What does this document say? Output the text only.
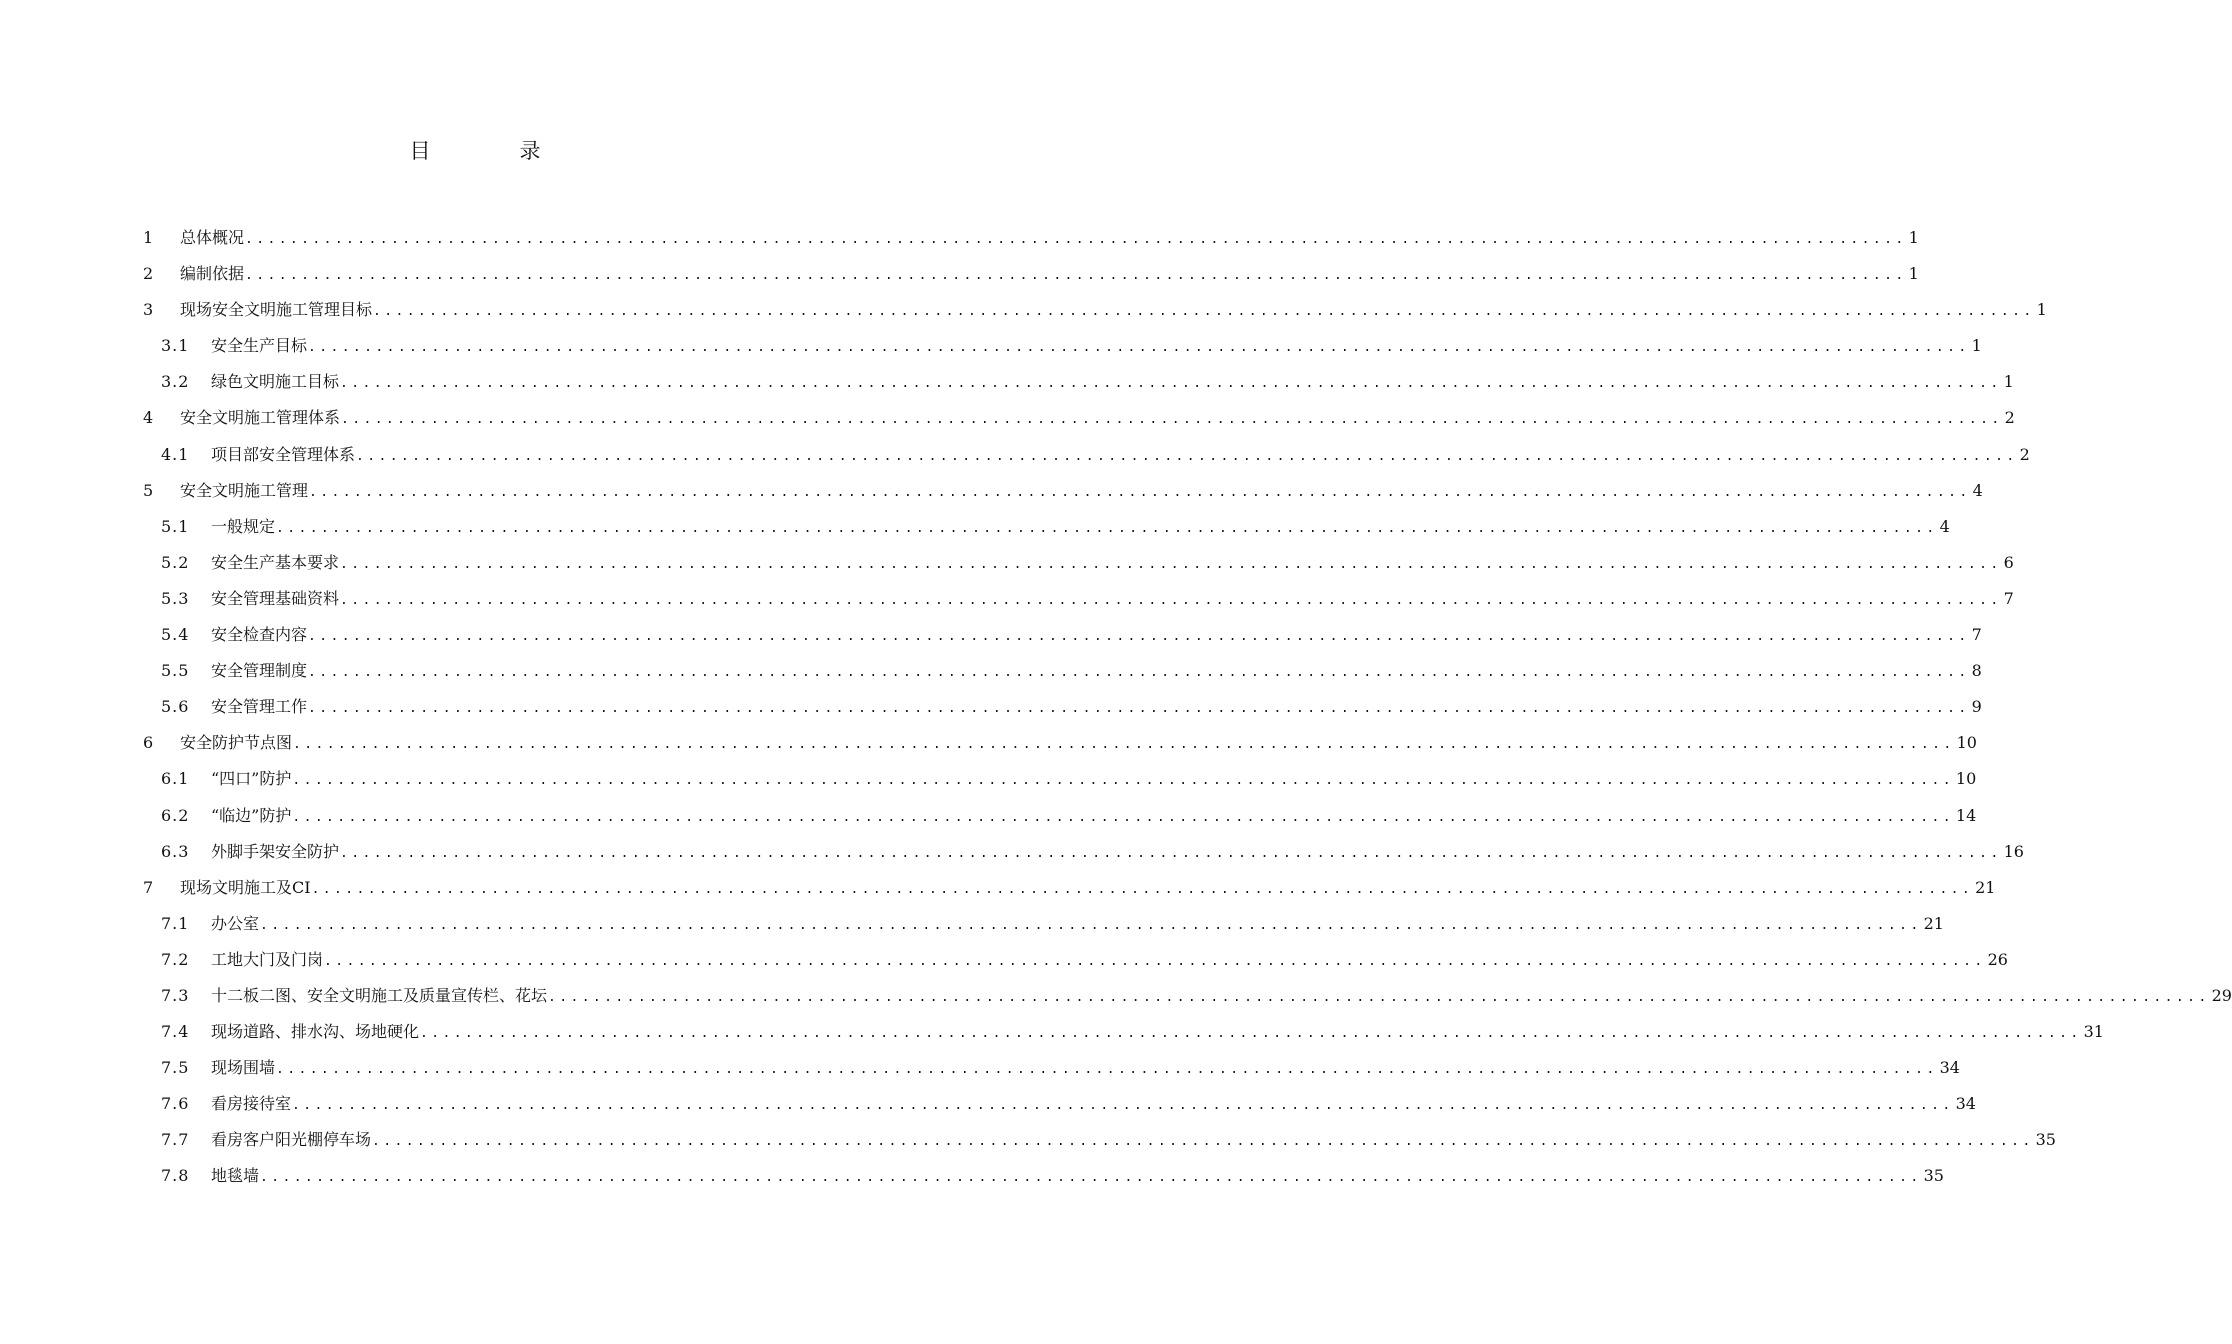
目　录
1	总体概况 .................................................................................................................................................... 1
2	编制依据 .................................................................................................................................................... 1
3	现场安全文明施工管理目标 .................................................................................................................................................... 1
3.1	安全生产目标 .................................................................................................................................................... 1
3.2	绿色文明施工目标 .................................................................................................................................................... 1
4	安全文明施工管理体系 .................................................................................................................................................... 2
4.1	项目部安全管理体系 .................................................................................................................................................... 2
5	安全文明施工管理 .................................................................................................................................................... 4
5.1	一般规定 .................................................................................................................................................... 4
5.2	安全生产基本要求 .................................................................................................................................................... 6
5.3	安全管理基础资料 .................................................................................................................................................... 7
5.4	安全检查内容 .................................................................................................................................................... 7
5.5	安全管理制度 .................................................................................................................................................... 8
5.6	安全管理工作 .................................................................................................................................................... 9
6	安全防护节点图 .................................................................................................................................................... 10
6.1	“四口”防护 .................................................................................................................................................... 10
6.2	“临边”防护 .................................................................................................................................................... 14
6.3	外脚手架安全防护 .................................................................................................................................................... 16
7	现场文明施工及CI .................................................................................................................................................... 21
7.1	办公室 .................................................................................................................................................... 21
7.2	工地大门及门岗 .................................................................................................................................................... 26
7.3	十二板二图、安全文明施工及质量宣传栏、花坛 .................................................................................................................................................... 29
7.4	现场道路、排水沟、场地硬化 .................................................................................................................................................... 31
7.5	现场围墙 .................................................................................................................................................... 34
7.6	看房接待室 .................................................................................................................................................... 34
7.7	看房客户阳光棚停车场 .................................................................................................................................................... 35
7.8	地毯墙 .................................................................................................................................................... 35
